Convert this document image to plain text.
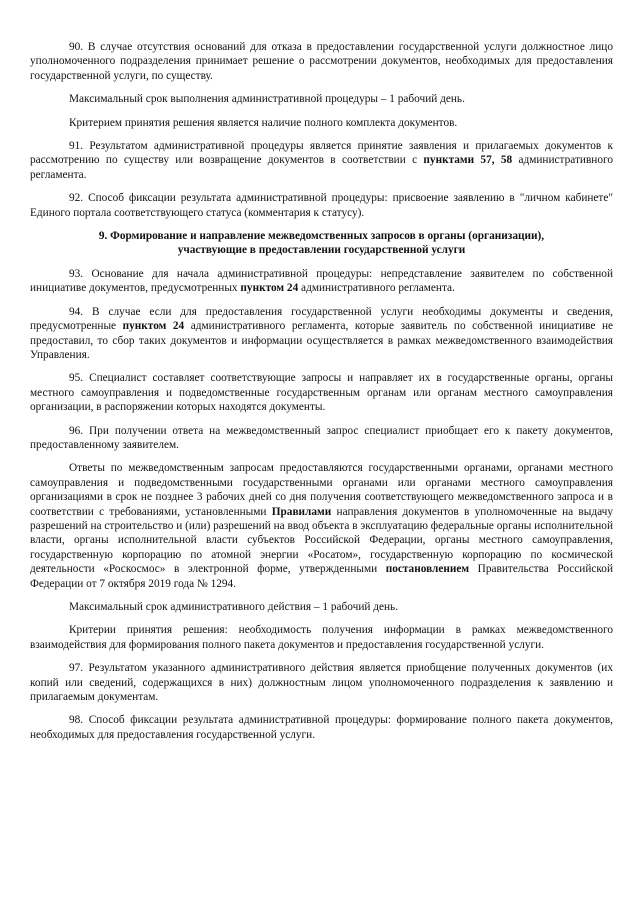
90. В случае отсутствия оснований для отказа в предоставлении государственной услуги должностное лицо уполномоченного подразделения принимает решение о рассмотрении документов, необходимых для предоставления государственной услуги, по существу.

Максимальный срок выполнения административной процедуры – 1 рабочий день.

Критерием принятия решения является наличие полного комплекта документов.

91. Результатом административной процедуры является принятие заявления и прилагаемых документов к рассмотрению по существу или возвращение документов в соответствии с пунктами 57, 58 административного регламента.

92. Способ фиксации результата административной процедуры: присвоение заявлению в "личном кабинете" Единого портала соответствующего статуса (комментария к статусу).

9. Формирование и направление межведомственных запросов в органы (организации),
участвующие в предоставлении государственной услуги

93. Основание для начала административной процедуры: непредставление заявителем по собственной инициативе документов, предусмотренных пунктом 24 административного регламента.

94. В случае если для предоставления государственной услуги необходимы документы и сведения, предусмотренные пунктом 24 административного регламента, которые заявитель по собственной инициативе не предоставил, то сбор таких документов и информации осуществляется в рамках межведомственного взаимодействия Управления.

95. Специалист составляет соответствующие запросы и направляет их в государственные органы, органы местного самоуправления и подведомственные государственным органам или органам местного самоуправления организации, в распоряжении которых находятся документы.

96. При получении ответа на межведомственный запрос специалист приобщает его к пакету документов, предоставленному заявителем.

Ответы по межведомственным запросам предоставляются государственными органами, органами местного самоуправления и подведомственными государственными органами или органами местного самоуправления организациями в срок не позднее 3 рабочих дней со дня получения соответствующего межведомственного запроса и в соответствии с требованиями, установленными Правилами направления документов в уполномоченные на выдачу разрешений на строительство и (или) разрешений на ввод объекта в эксплуатацию федеральные органы исполнительной власти, органы исполнительной власти субъектов Российской Федерации, органы местного самоуправления, государственную корпорацию по атомной энергии «Росатом», государственную корпорацию по космической деятельности «Роскосмос» в электронной форме, утвержденными постановлением Правительства Российской Федерации от 7 октября 2019 года № 1294.

Максимальный срок административного действия – 1 рабочий день.

Критерии принятия решения: необходимость получения информации в рамках межведомственного взаимодействия для формирования полного пакета документов и предоставления государственной услуги.

97. Результатом указанного административного действия является приобщение полученных документов (их копий или сведений, содержащихся в них) должностным лицом уполномоченного подразделения к заявлению и прилагаемым документам.

98. Способ фиксации результата административной процедуры: формирование полного пакета документов, необходимых для предоставления государственной услуги.
